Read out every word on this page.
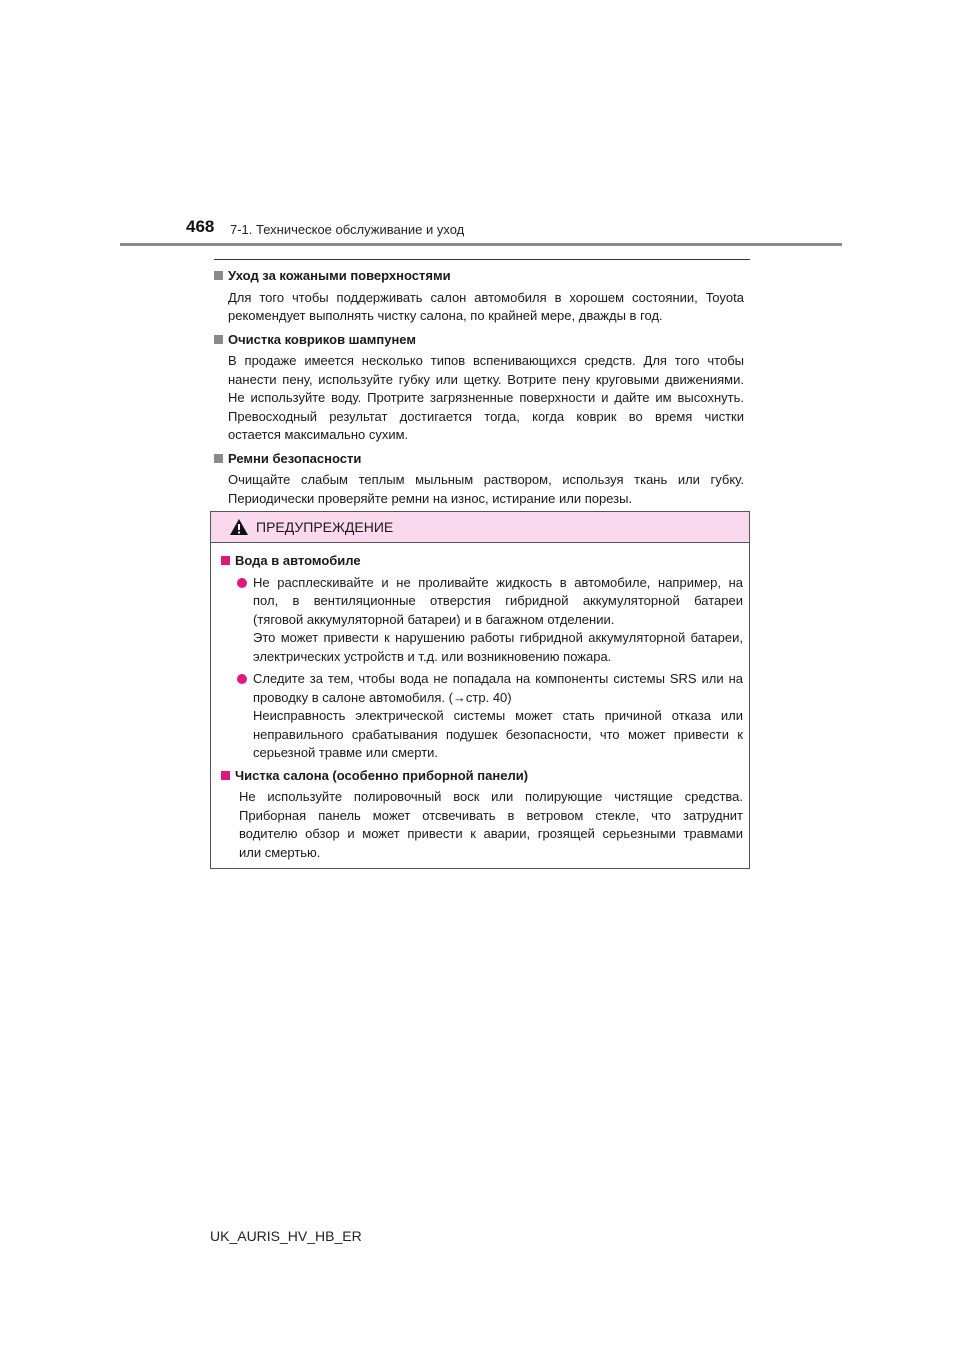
468 7-1. Техническое обслуживание и уход
Уход за кожаными поверхностями
Для того чтобы поддерживать салон автомобиля в хорошем состоянии, Toyota
рекомендует выполнять чистку салона, по крайней мере, дважды в год.
Очистка ковриков шампунем
В продаже имеется несколько типов вспенивающихся средств. Для того чтобы
нанести пену, используйте губку или щетку. Вотрите пену круговыми движениями.
Не используйте воду. Протрите загрязненные поверхности и дайте им высохнуть.
Превосходный результат достигается тогда, когда коврик во время чистки
остается максимально сухим.
Ремни безопасности
Очищайте слабым теплым мыльным раствором, используя ткань или губку.
Периодически проверяйте ремни на износ, истирание или порезы.
ПРЕДУПРЕЖДЕНИЕ
Вода в автомобиле
Не расплескивайте и не проливайте жидкость в автомобиле, например, на
пол, в вентиляционные отверстия гибридной аккумуляторной батареи
(тяговой аккумуляторной батареи) и в багажном отделении.
Это может привести к нарушению работы гибридной аккумуляторной батареи,
электрических устройств и т.д. или возникновению пожара.
Следите за тем, чтобы вода не попадала на компоненты системы SRS или на
проводку в салоне автомобиля. (→стр. 40)
Неисправность электрической системы может стать причиной отказа или
неправильного срабатывания подушек безопасности, что может привести к
серьезной травме или смерти.
Чистка салона (особенно приборной панели)
Не используйте полировочный воск или полирующие чистящие средства.
Приборная панель может отсвечивать в ветровом стекле, что затруднит
водителю обзор и может привести к аварии, грозящей серьезными травмами
или смертью.
UK_AURIS_HV_HB_ER
